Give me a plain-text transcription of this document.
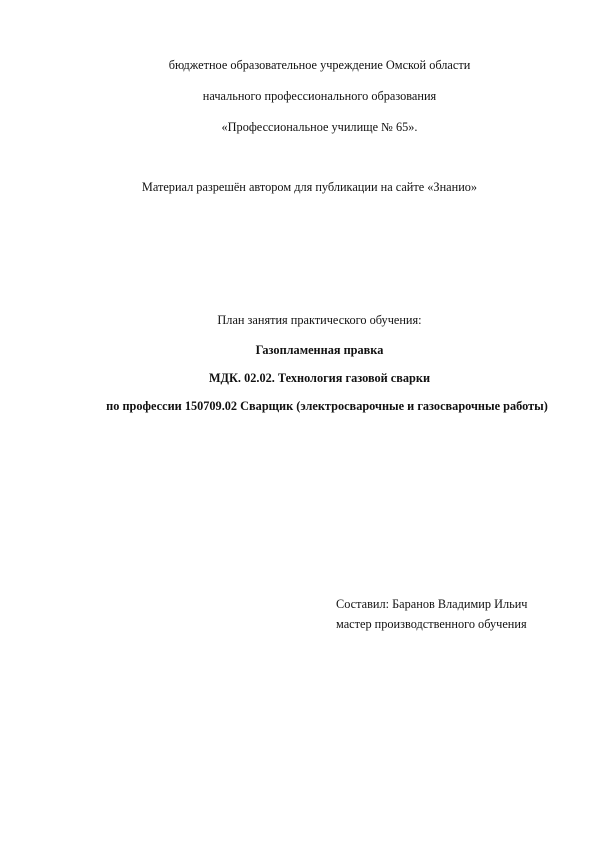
бюджетное образовательное учреждение Омской области
начального профессионального образования
«Профессиональное училище № 65».
Материал разрешён автором для публикации на сайте «Знанио»
План занятия практического обучения:
Газопламенная правка
МДК. 02.02. Технология газовой сварки
по профессии 150709.02 Сварщик (электросварочные и газосварочные работы)
Составил: Баранов Владимир Ильич
мастер производственного обучения
